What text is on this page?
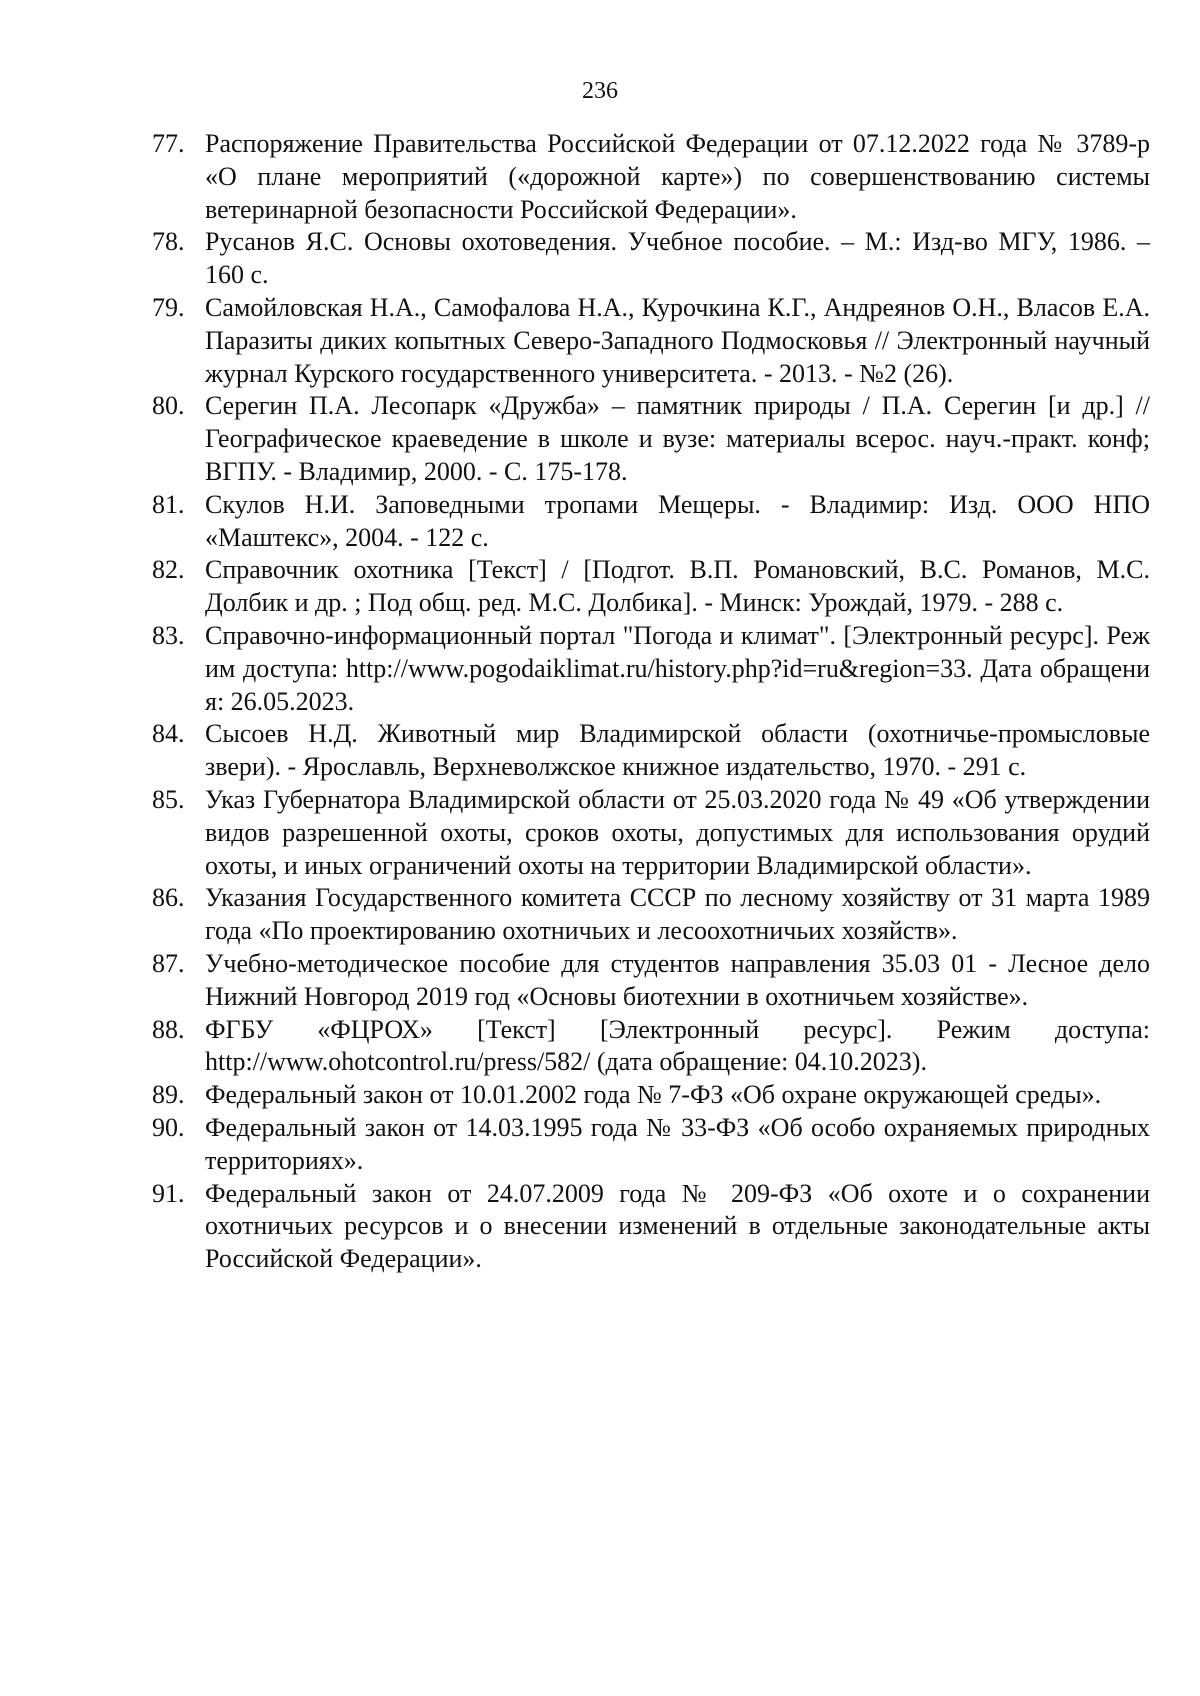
236
77. Распоряжение Правительства Российской Федерации от 07.12.2022 года № 3789-р «О плане мероприятий («дорожной карте») по совершенствованию системы ветеринарной безопасности Российской Федерации».
78. Русанов Я.С. Основы охотоведения. Учебное пособие. – М.: Изд-во МГУ, 1986. – 160 с.
79. Самойловская Н.А., Самофалова Н.А., Курочкина К.Г., Андреянов О.Н., Власов Е.А. Паразиты диких копытных Северо-Западного Подмосковья // Электронный научный журнал Курского государственного университета. - 2013. - №2 (26).
80. Серегин П.А. Лесопарк «Дружба» – памятник природы / П.А. Серегин [и др.] // Географическое краеведение в школе и вузе: материалы всерос. науч.-практ. конф; ВГПУ. - Владимир, 2000. - С. 175-178.
81. Скулов Н.И. Заповедными тропами Мещеры. - Владимир: Изд. ООО НПО «Маштекс», 2004. - 122 с.
82. Справочник охотника [Текст] / [Подгот. В.П. Романовский, В.С. Романов, М.С. Долбик и др. ; Под общ. ред. М.С. Долбика]. - Минск: Урождай, 1979. - 288 с.
83. Справочно-информационный портал "Погода и климат". [Электронный ресурс]. Режим доступа: http://www.pogodaiklimat.ru/history.php?id=ru&region=33. Дата обращения: 26.05.2023.
84. Сысоев Н.Д. Животный мир Владимирской области (охотничье-промысловые звери). - Ярославль, Верхневолжское книжное издательство, 1970. - 291 с.
85. Указ Губернатора Владимирской области от 25.03.2020 года № 49 «Об утверждении видов разрешенной охоты, сроков охоты, допустимых для использования орудий охоты, и иных ограничений охоты на территории Владимирской области».
86. Указания Государственного комитета СССР по лесному хозяйству от 31 марта 1989 года «По проектированию охотничьих и лесоохотничьих хозяйств».
87. Учебно-методическое пособие для студентов направления 35.03 01 - Лесное дело Нижний Новгород 2019 год «Основы биотехнии в охотничьем хозяйстве».
88. ФГБУ «ФЦРОХ» [Текст] [Электронный ресурс]. Режим доступа: http://www.ohotcontrol.ru/press/582/ (дата обращение: 04.10.2023).
89. Федеральный закон от 10.01.2002 года № 7-ФЗ «Об охране окружающей среды».
90. Федеральный закон от 14.03.1995 года № 33-ФЗ «Об особо охраняемых природных территориях».
91. Федеральный закон от 24.07.2009 года № 209-ФЗ «Об охоте и о сохранении охотничьих ресурсов и о внесении изменений в отдельные законодательные акты Российской Федерации».
